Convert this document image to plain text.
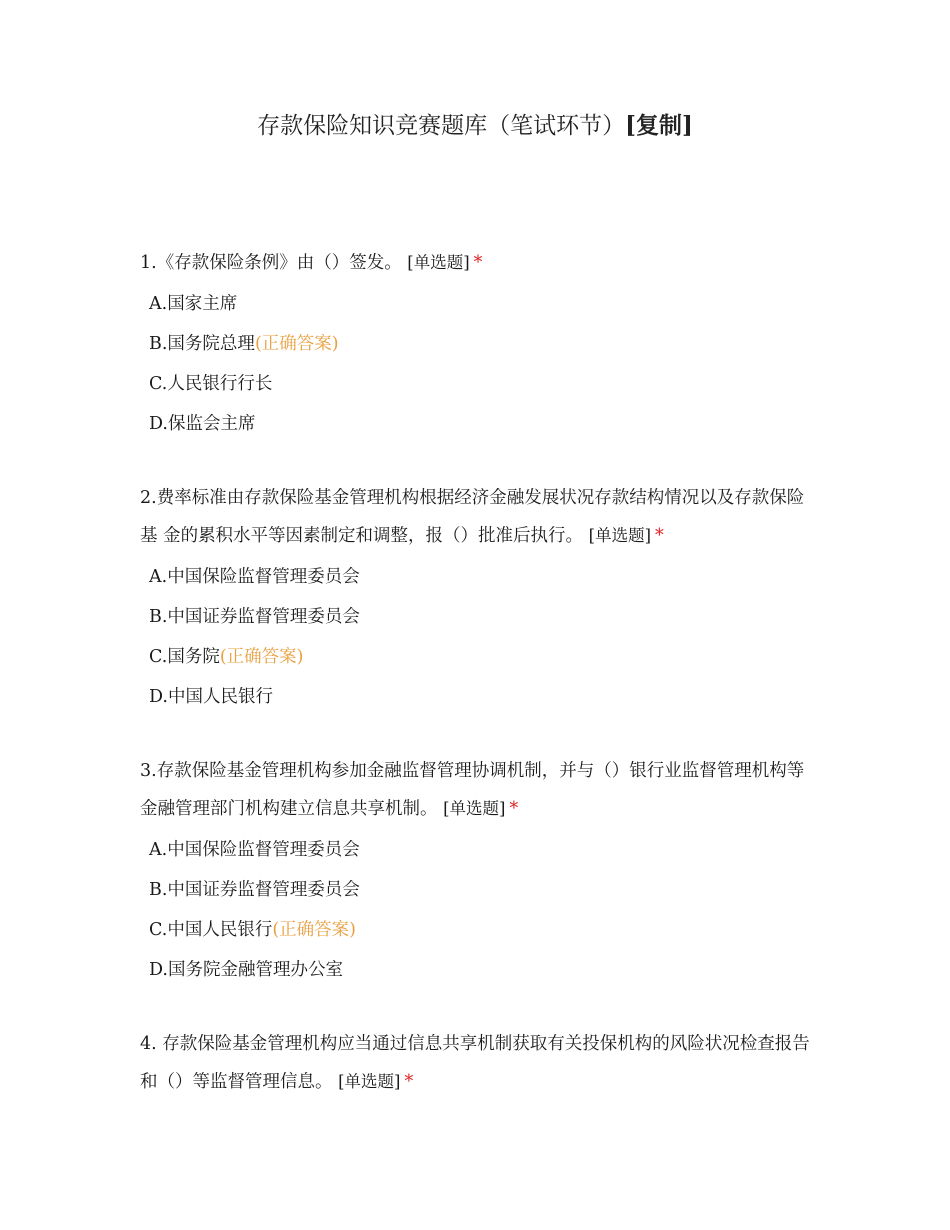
存款保险知识竞赛题库（笔试环节）[复制]
1.《存款保险条例》由（）签发。 [单选题] *
A.国家主席
B.国务院总理(正确答案)
C.人民银行行长
D.保监会主席
2.费率标准由存款保险基金管理机构根据经济金融发展状况存款结构情况以及存款保险基 金的累积水平等因素制定和调整，报（）批准后执行。 [单选题] *
A.中国保险监督管理委员会
B.中国证券监督管理委员会
C.国务院(正确答案)
D.中国人民银行
3.存款保险基金管理机构参加金融监督管理协调机制，并与（）银行业监督管理机构等金融管理部门机构建立信息共享机制。 [单选题] *
A.中国保险监督管理委员会
B.中国证券监督管理委员会
C.中国人民银行(正确答案)
D.国务院金融管理办公室
4. 存款保险基金管理机构应当通过信息共享机制获取有关投保机构的风险状况检查报告和（）等监督管理信息。 [单选题] *
